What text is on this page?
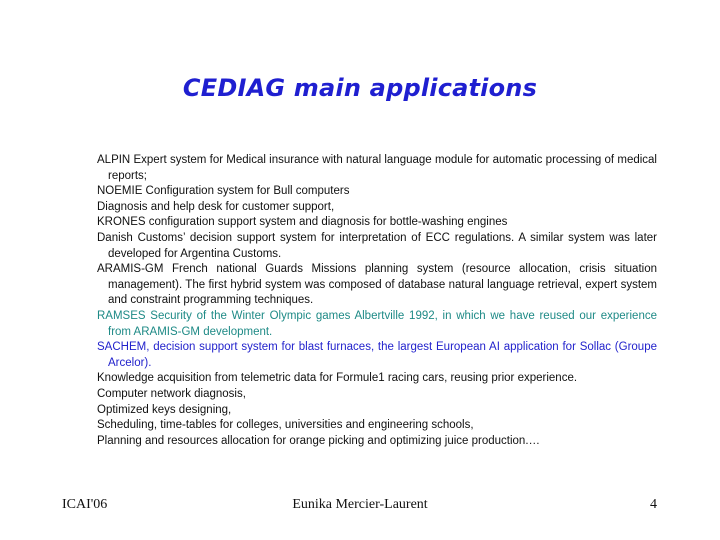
CEDIAG main applications
ALPIN Expert system for Medical insurance with natural language module for automatic processing of medical reports;
NOEMIE Configuration system for Bull computers
Diagnosis and help desk for customer support,
KRONES configuration support system and diagnosis for bottle-washing engines
Danish Customs’ decision support system for interpretation of ECC regulations. A similar system was later developed for Argentina Customs.
ARAMIS-GM French national Guards Missions planning system (resource allocation, crisis situation management). The first hybrid system was composed of database natural language retrieval, expert system and constraint programming techniques.
RAMSES Security of the Winter Olympic games Albertville 1992, in which we have reused our experience from ARAMIS-GM development.
SACHEM, decision support system for blast furnaces, the largest European AI application for Sollac (Groupe Arcelor).
Knowledge acquisition from telemetric data for Formule1 racing cars, reusing prior experience.
Computer network diagnosis,
Optimized keys designing,
Scheduling, time-tables for colleges, universities and engineering schools,
Planning and resources allocation for orange picking and optimizing juice production.…
ICAI'06	Eunika Mercier-Laurent	4
